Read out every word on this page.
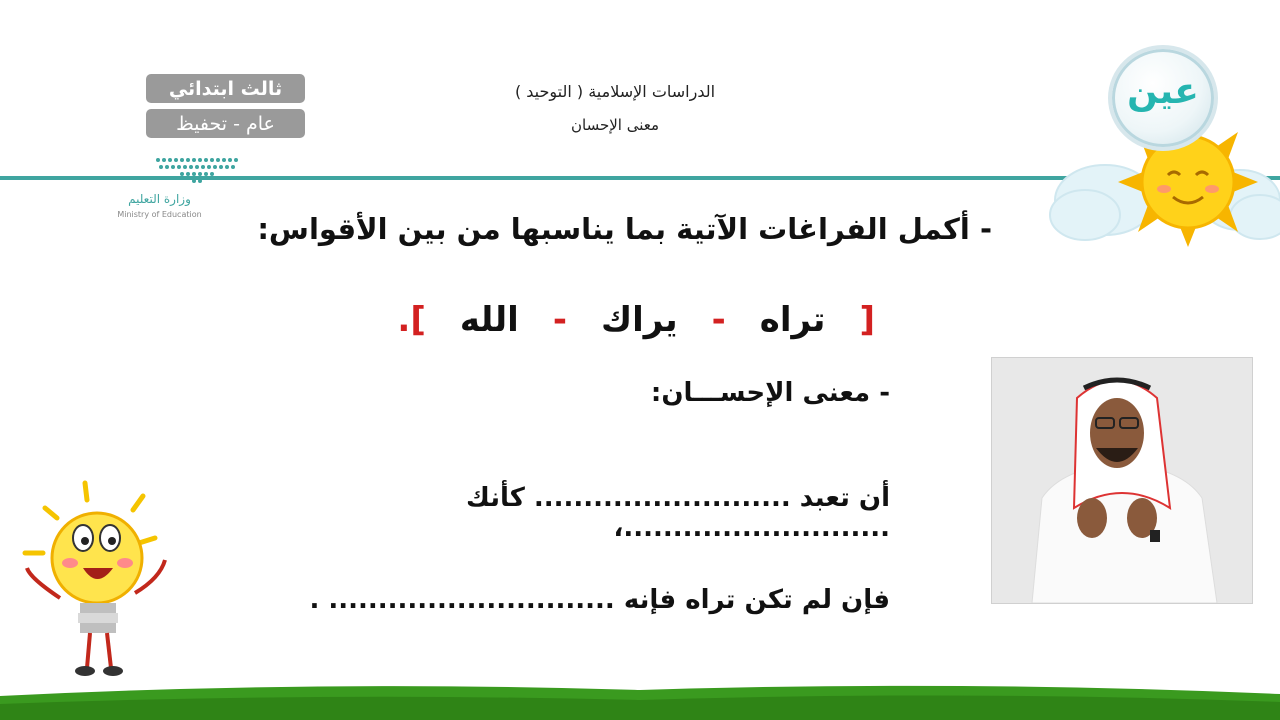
ثالث ابتدائي
عام - تحفيظ
وزارة التعليم
Ministry of Education
الدراسات الإسلامية ( التوحيد )
معنى الإحسان
عين
- أكمل الفراغات الآتية بما يناسبها من بين الأقواس:
[
تراه
-
يراك
-
الله
].
- معنى الإحســـان:
أن تعبد .......................... كأنك ...........................،
فإن لم تكن تراه فإنه ............................. .
